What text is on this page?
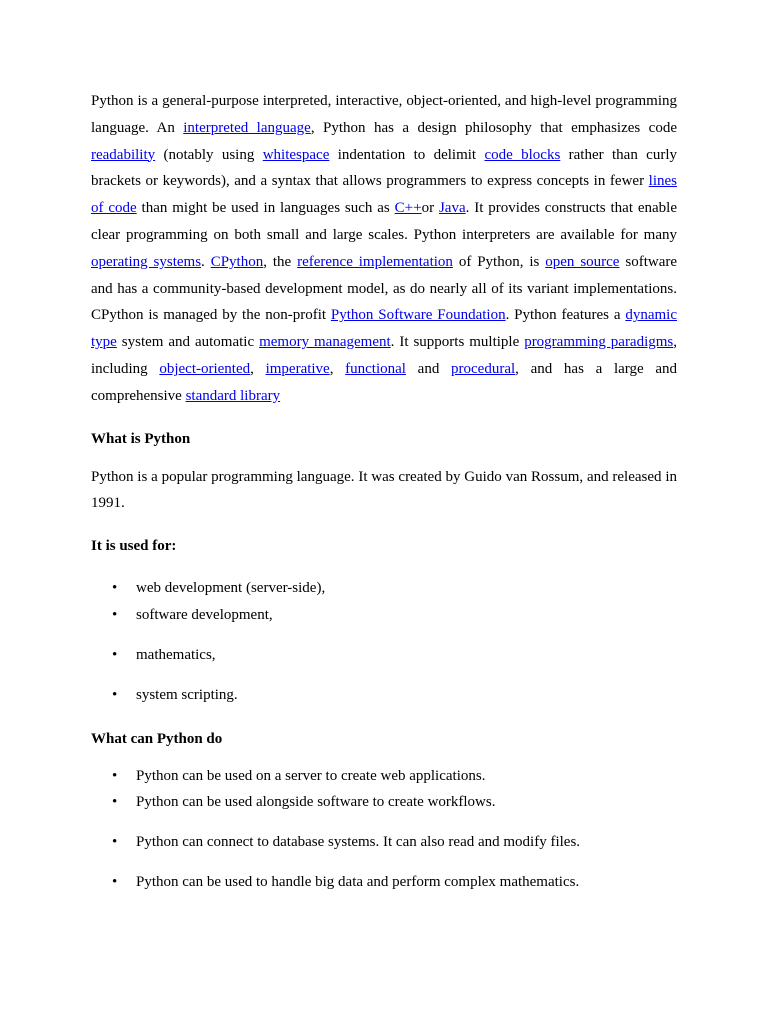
Python is a general-purpose interpreted, interactive, object-oriented, and high-level programming language. An interpreted language, Python has a design philosophy that emphasizes code readability (notably using whitespace indentation to delimit code blocks rather than curly brackets or keywords), and a syntax that allows programmers to express concepts in fewer lines of code than might be used in languages such as C++or Java. It provides constructs that enable clear programming on both small and large scales. Python interpreters are available for many operating systems. CPython, the reference implementation of Python, is open source software and has a community-based development model, as do nearly all of its variant implementations. CPython is managed by the non-profit Python Software Foundation. Python features a dynamic type system and automatic memory management. It supports multiple programming paradigms, including object-oriented, imperative, functional and procedural, and has a large and comprehensive standard library

What is Python

Python is a popular programming language. It was created by Guido van Rossum, and released in 1991.

It is used for:
• web development (server-side),
• software development,
• mathematics,
• system scripting.
What can Python do
• Python can be used on a server to create web applications.
• Python can be used alongside software to create workflows.
• Python can connect to database systems. It can also read and modify files.
• Python can be used to handle big data and perform complex mathematics.
